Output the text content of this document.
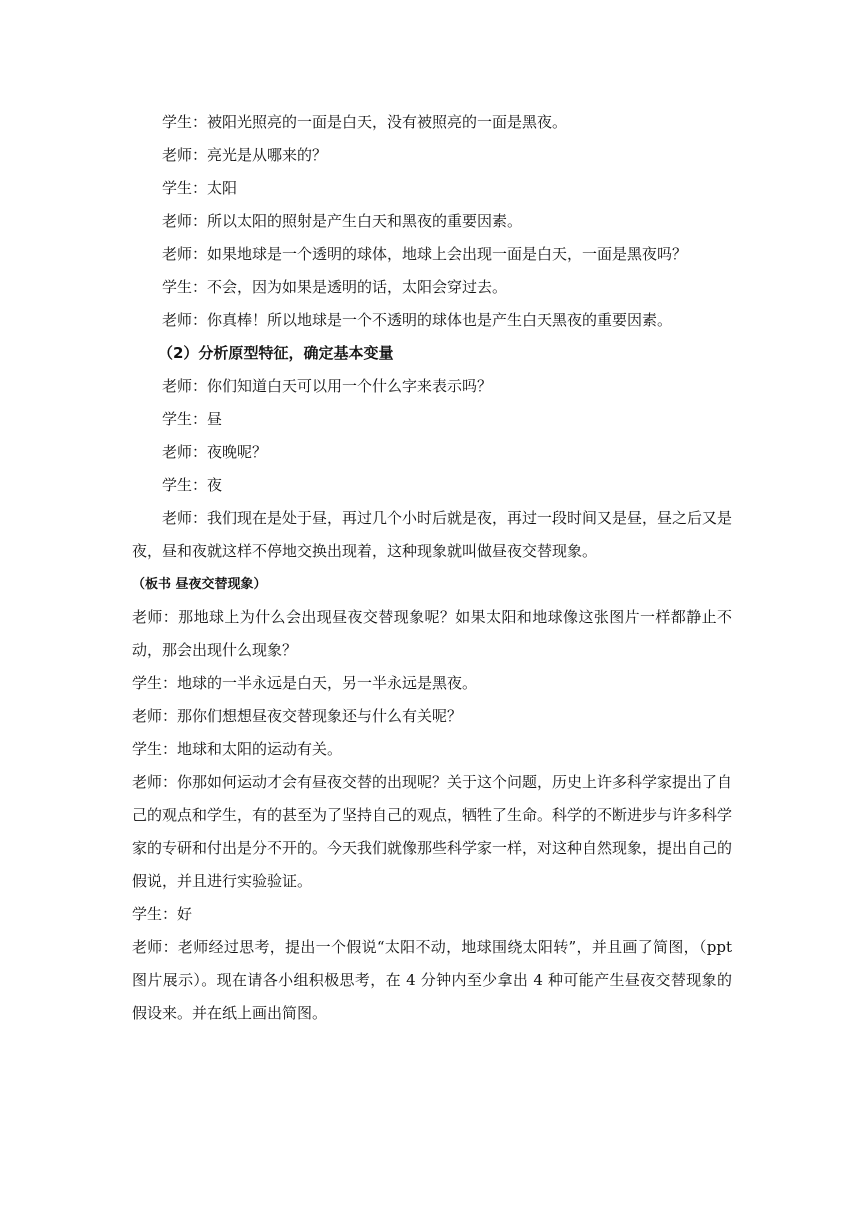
学生：被阳光照亮的一面是白天，没有被照亮的一面是黑夜。

老师：亮光是从哪来的？

学生：太阳

老师：所以太阳的照射是产生白天和黑夜的重要因素。

老师：如果地球是一个透明的球体，地球上会出现一面是白天，一面是黑夜吗？

学生：不会，因为如果是透明的话，太阳会穿过去。

老师：你真棒！所以地球是一个不透明的球体也是产生白天黑夜的重要因素。

（2）分析原型特征，确定基本变量

老师：你们知道白天可以用一个什么字来表示吗？

学生：昼

老师：夜晚呢？

学生：夜

老师：我们现在是处于昼，再过几个小时后就是夜，再过一段时间又是昼，昼之后又是夜，昼和夜就这样不停地交换出现着，这种现象就叫做昼夜交替现象。

（板书 昼夜交替现象）

老师：那地球上为什么会出现昼夜交替现象呢？如果太阳和地球像这张图片一样都静止不动，那会出现什么现象？

学生：地球的一半永远是白天，另一半永远是黑夜。

老师：那你们想想昼夜交替现象还与什么有关呢？

学生：地球和太阳的运动有关。

老师：你那如何运动才会有昼夜交替的出现呢？关于这个问题，历史上许多科学家提出了自己的观点和学生，有的甚至为了坚持自己的观点，牺牲了生命。科学的不断进步与许多科学家的专研和付出是分不开的。今天我们就像那些科学家一样，对这种自然现象，提出自己的假说，并且进行实验验证。

学生：好

老师：老师经过思考，提出一个假说“太阳不动，地球围绕太阳转”，并且画了简图，（ppt 图片展示）。现在请各小组积极思考，在 4 分钟内至少拿出 4 种可能产生昼夜交替现象的假设来。并在纸上画出简图。
